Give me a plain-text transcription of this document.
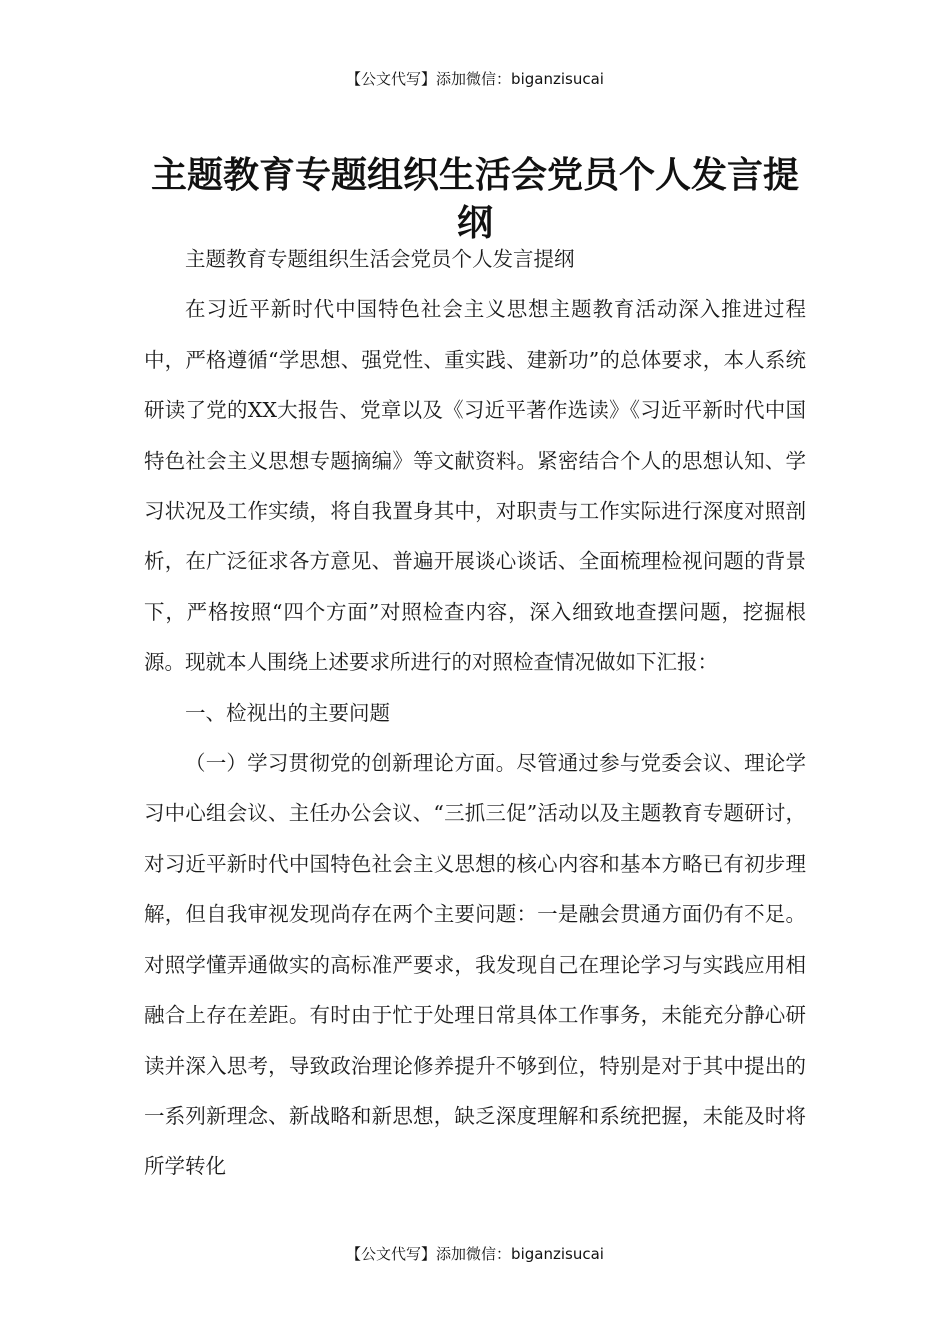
【公文代写】添加微信：biganzisucai
主题教育专题组织生活会党员个人发言提纲

主题教育专题组织生活会党员个人发言提纲

在习近平新时代中国特色社会主义思想主题教育活动深入推进过程中，严格遵循“学思想、强党性、重实践、建新功”的总体要求，本人系统研读了党的XX大报告、党章以及《习近平著作选读》《习近平新时代中国特色社会主义思想专题摘编》等文献资料。紧密结合个人的思想认知、学习状况及工作实绩，将自我置身其中，对职责与工作实际进行深度对照剖析，在广泛征求各方意见、普遍开展谈心谈话、全面梳理检视问题的背景下，严格按照“四个方面”对照检查内容，深入细致地查摆问题，挖掘根源。现就本人围绕上述要求所进行的对照检查情况做如下汇报：

一、检视出的主要问题

（一）学习贯彻党的创新理论方面。尽管通过参与党委会议、理论学习中心组会议、主任办公会议、“三抓三促”活动以及主题教育专题研讨，对习近平新时代中国特色社会主义思想的核心内容和基本方略已有初步理解，但自我审视发现尚存在两个主要问题：一是融会贯通方面仍有不足。对照学懂弄通做实的高标准严要求，我发现自己在理论学习与实践应用相融合上存在差距。有时由于忙于处理日常具体工作事务，未能充分静心研读并深入思考，导致政治理论修养提升不够到位，特别是对于其中提出的一系列新理念、新战略和新思想，缺乏深度理解和系统把握，未能及时将所学转化

【公文代写】添加微信：biganzisucai
